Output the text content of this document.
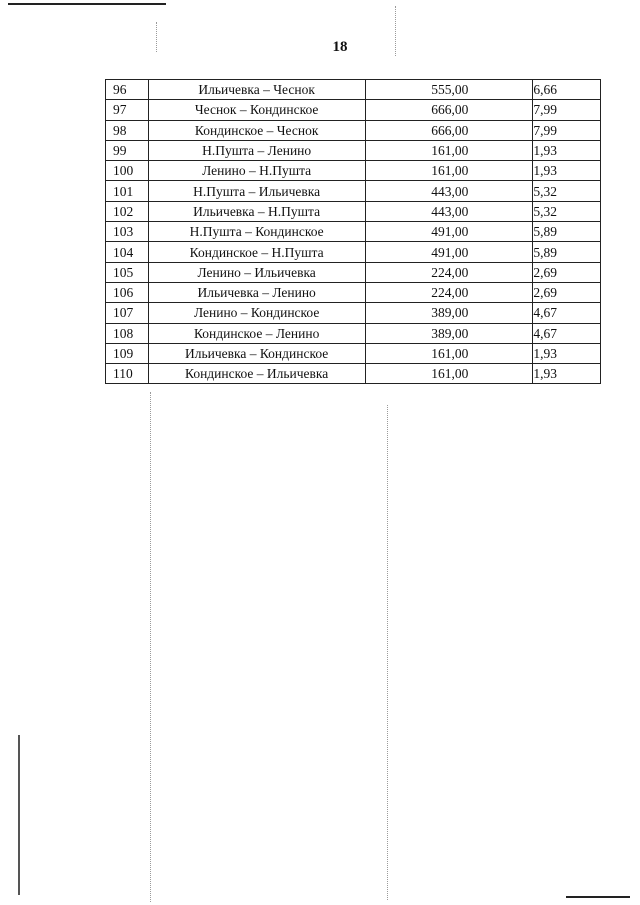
18
96	Ильичевка – Чеснок	555,00	6,66
97	Чеснок – Кондинское	666,00	7,99
98	Кондинское – Чеснок	666,00	7,99
99	Н.Пушта – Ленино	161,00	1,93
100	Ленино – Н.Пушта	161,00	1,93
101	Н.Пушта – Ильичевка	443,00	5,32
102	Ильичевка – Н.Пушта	443,00	5,32
103	Н.Пушта – Кондинское	491,00	5,89
104	Кондинское – Н.Пушта	491,00	5,89
105	Ленино – Ильичевка	224,00	2,69
106	Ильичевка – Ленино	224,00	2,69
107	Ленино – Кондинское	389,00	4,67
108	Кондинское – Ленино	389,00	4,67
109	Ильичевка – Кондинское	161,00	1,93
110	Кондинское – Ильичевка	161,00	1,93
